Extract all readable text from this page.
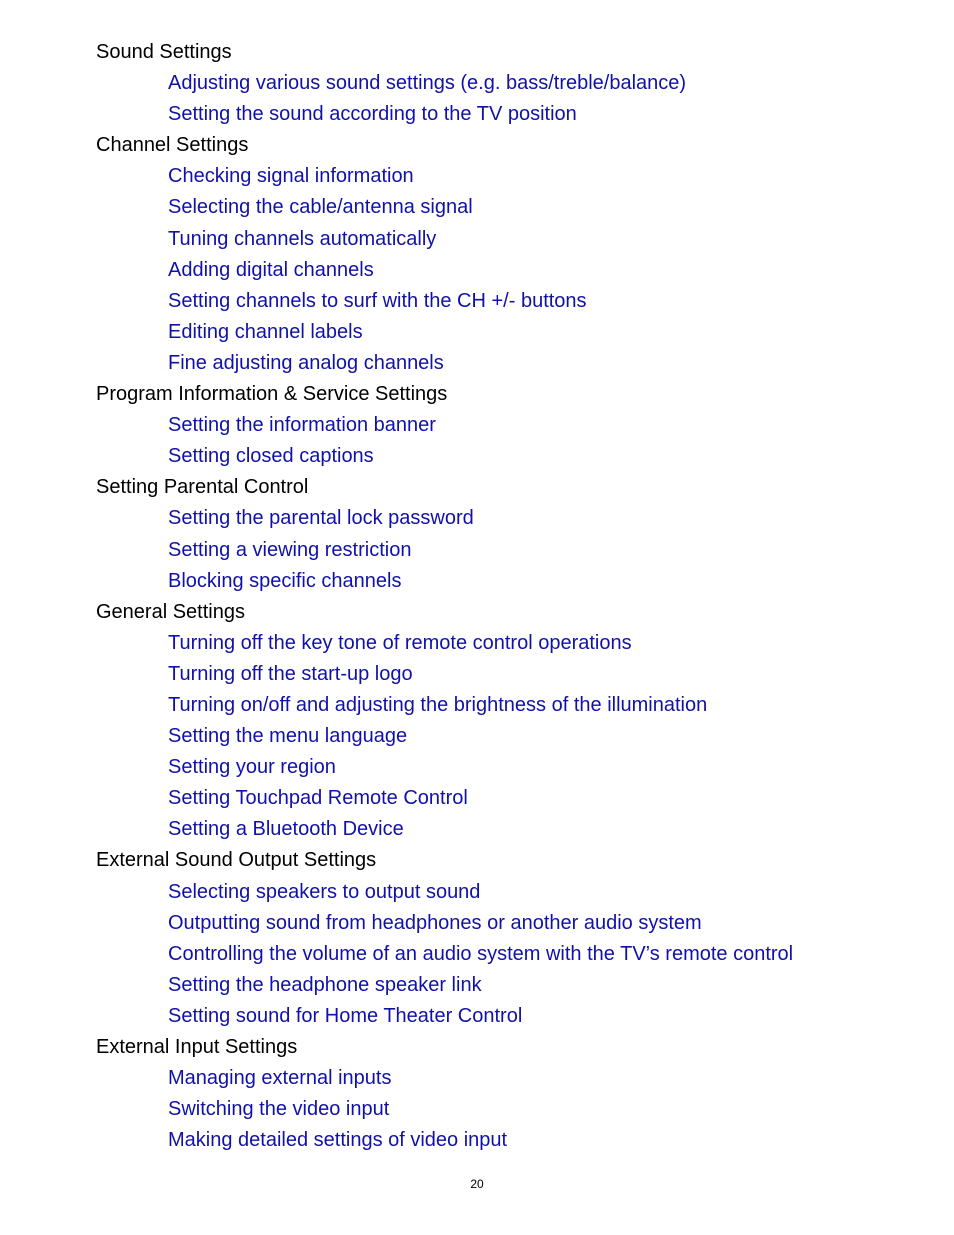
Sound Settings
Adjusting various sound settings (e.g. bass/treble/balance)
Setting the sound according to the TV position
Channel Settings
Checking signal information
Selecting the cable/antenna signal
Tuning channels automatically
Adding digital channels
Setting channels to surf with the CH +/- buttons
Editing channel labels
Fine adjusting analog channels
Program Information & Service Settings
Setting the information banner
Setting closed captions
Setting Parental Control
Setting the parental lock password
Setting a viewing restriction
Blocking specific channels
General Settings
Turning off the key tone of remote control operations
Turning off the start-up logo
Turning on/off and adjusting the brightness of the illumination
Setting the menu language
Setting your region
Setting Touchpad Remote Control
Setting a Bluetooth Device
External Sound Output Settings
Selecting speakers to output sound
Outputting sound from headphones or another audio system
Controlling the volume of an audio system with the TV’s remote control
Setting the headphone speaker link
Setting sound for Home Theater Control
External Input Settings
Managing external inputs
Switching the video input
Making detailed settings of video input
20
